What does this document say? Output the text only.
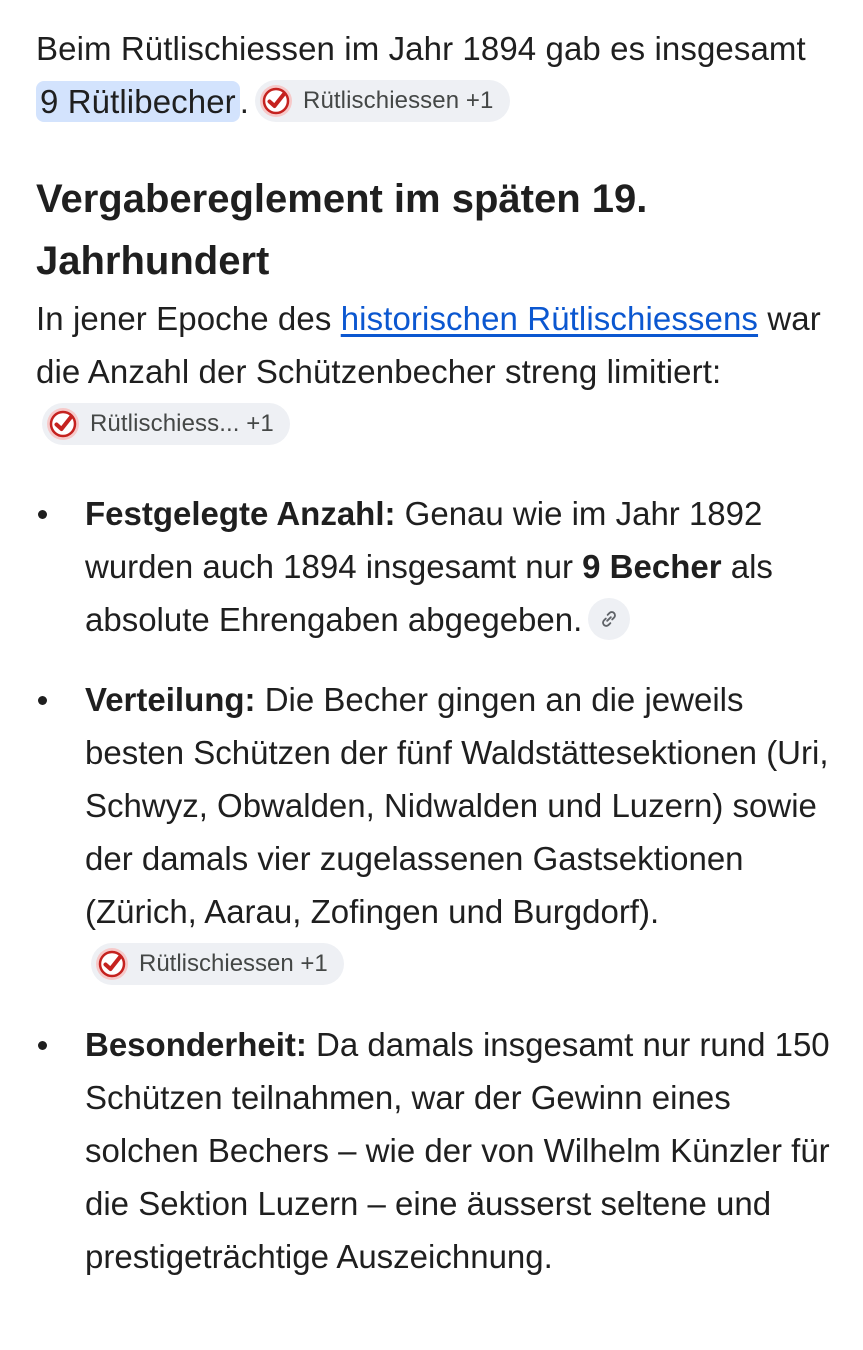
Beim Rütlischiessen im Jahr 1894 gab es insgesamt 9 Rütlibecher . Rütlischiessen +1

Vergabereglement im späten 19. Jahrhundert

In jener Epoche des historischen Rütlischiessens war die Anzahl der Schützenbecher streng limitiert:
Rütlischiess... +1

Festgelegte Anzahl: Genau wie im Jahr 1892 wurden auch 1894 insgesamt nur 9 Becher als absolute Ehrengaben abgegeben.
Verteilung: Die Becher gingen an die jeweils besten Schützen der fünf Waldstättesektionen (Uri, Schwyz, Obwalden, Nidwalden und Luzern) sowie der damals vier zugelassenen Gastsektionen (Zürich, Aarau, Zofingen und Burgdorf).
Rütlischiessen +1
Besonderheit: Da damals insgesamt nur rund 150 Schützen teilnahmen, war der Gewinn eines solchen Bechers – wie der von Wilhelm Künzler für die Sektion Luzern – eine äusserst seltene und prestigeträchtige Auszeichnung.
